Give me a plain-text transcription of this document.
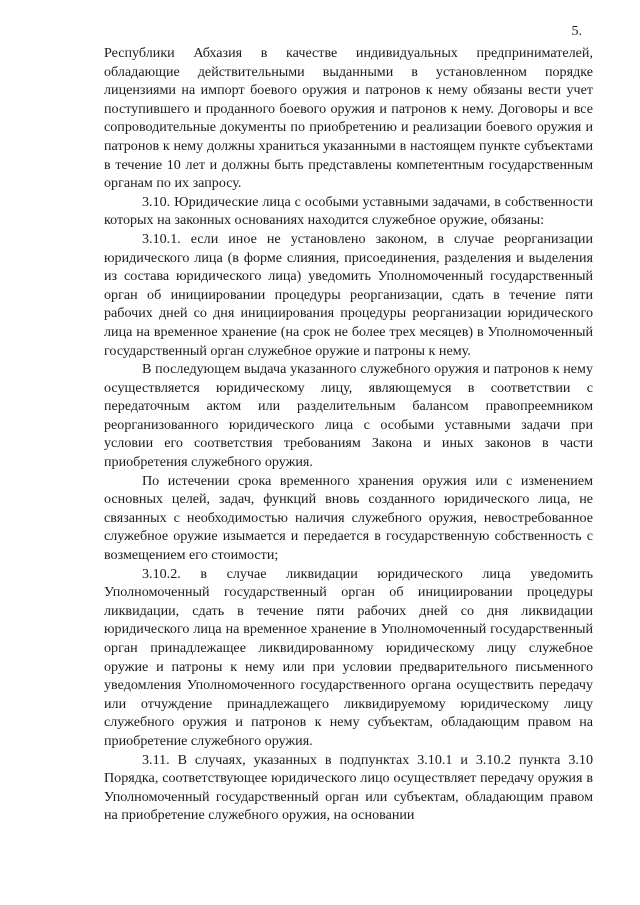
5.

Республики Абхазия в качестве индивидуальных предпринимателей, обладающие действительными выданными в установленном порядке лицензиями на импорт боевого оружия и патронов к нему обязаны вести учет поступившего и проданного боевого оружия и патронов к нему. Договоры и все сопроводительные документы по приобретению и реализации боевого оружия и патронов к нему должны храниться указанными в настоящем пункте субъектами в течение 10 лет и должны быть представлены компетентным государственным органам по их запросу.

3.10. Юридические лица с особыми уставными задачами, в собственности которых на законных основаниях находится служебное оружие, обязаны:

3.10.1. если иное не установлено законом, в случае реорганизации юридического лица (в форме слияния, присоединения, разделения и выделения из состава юридического лица) уведомить Уполномоченный государственный орган об инициировании процедуры реорганизации, сдать в течение пяти рабочих дней со дня инициирования процедуры реорганизации юридического лица на временное хранение (на срок не более трех месяцев) в Уполномоченный государственный орган служебное оружие и патроны к нему.

В последующем выдача указанного служебного оружия и патронов к нему осуществляется юридическому лицу, являющемуся в соответствии с передаточным актом или разделительным балансом правопреемником реорганизованного юридического лица с особыми уставными задачи при условии его соответствия требованиям Закона и иных законов в части приобретения служебного оружия.

По истечении срока временного хранения оружия или с изменением основных целей, задач, функций вновь созданного юридического лица, не связанных с необходимостью наличия служебного оружия, невостребованное служебное оружие изымается и передается в государственную собственность с возмещением его стоимости;

3.10.2. в случае ликвидации юридического лица уведомить Уполномоченный государственный орган об инициировании процедуры ликвидации, сдать в течение пяти рабочих дней со дня ликвидации юридического лица на временное хранение в Уполномоченный государственный орган принадлежащее ликвидированному юридическому лицу служебное оружие и патроны к нему или при условии предварительного письменного уведомления Уполномоченного государственного органа осуществить передачу или отчуждение принадлежащего ликвидируемому юридическому лицу служебного оружия и патронов к нему субъектам, обладающим правом на приобретение служебного оружия.

3.11. В случаях, указанных в подпунктах 3.10.1 и 3.10.2 пункта 3.10 Порядка, соответствующее юридического лицо осуществляет передачу оружия в Уполномоченный государственный орган или субъектам, обладающим правом на приобретение служебного оружия, на основании
